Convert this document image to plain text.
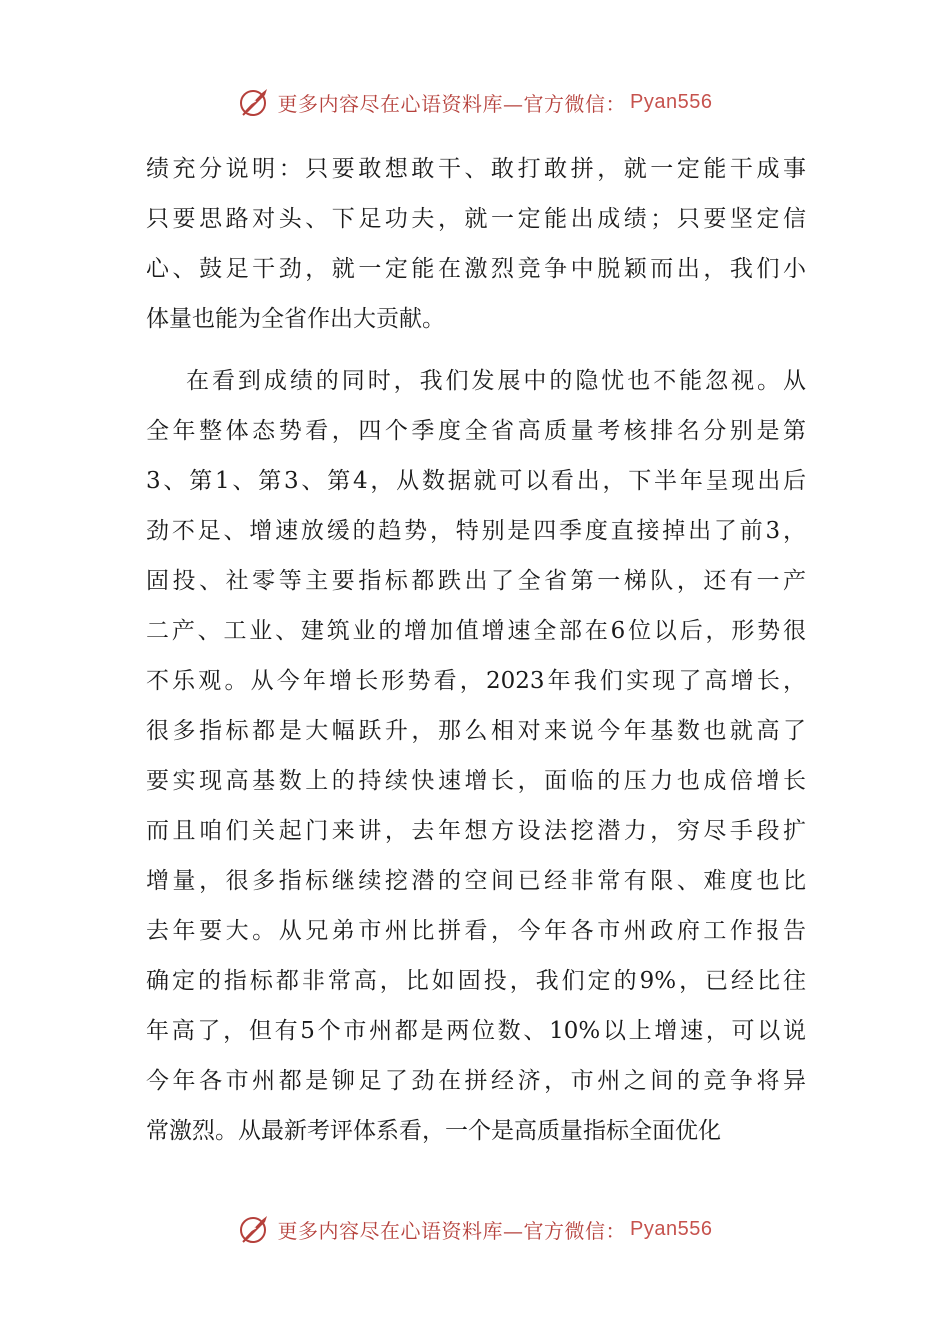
更多内容尽在心语资料库—官方微信： Pyan556
绩充分说明：只要敢想敢干、敢打敢拼，就一定能干成事
只要思路对头、下足功夫，就一定能出成绩；只要坚定信
心、鼓足干劲，就一定能在激烈竞争中脱颖而出，我们小
体量也能为全省作出大贡献。
在看到成绩的同时，我们发展中的隐忧也不能忽视。从
全年整体态势看，四个季度全省高质量考核排名分别是第
3、第1、第3、第4，从数据就可以看出，下半年呈现出后
劲不足、增速放缓的趋势，特别是四季度直接掉出了前3，
固投、社零等主要指标都跌出了全省第一梯队，还有一产
二产、工业、建筑业的增加值增速全部在6位以后，形势很
不乐观。从今年增长形势看，2023年我们实现了高增长，
很多指标都是大幅跃升，那么相对来说今年基数也就高了
要实现高基数上的持续快速增长，面临的压力也成倍增长
而且咱们关起门来讲，去年想方设法挖潜力，穷尽手段扩
增量，很多指标继续挖潜的空间已经非常有限、难度也比
去年要大。从兄弟市州比拼看，今年各市州政府工作报告
确定的指标都非常高，比如固投，我们定的9%，已经比往
年高了，但有5个市州都是两位数、10%以上增速，可以说
今年各市州都是铆足了劲在拼经济，市州之间的竞争将异
常激烈。从最新考评体系看，一个是高质量指标全面优化
更多内容尽在心语资料库—官方微信： Pyan556
